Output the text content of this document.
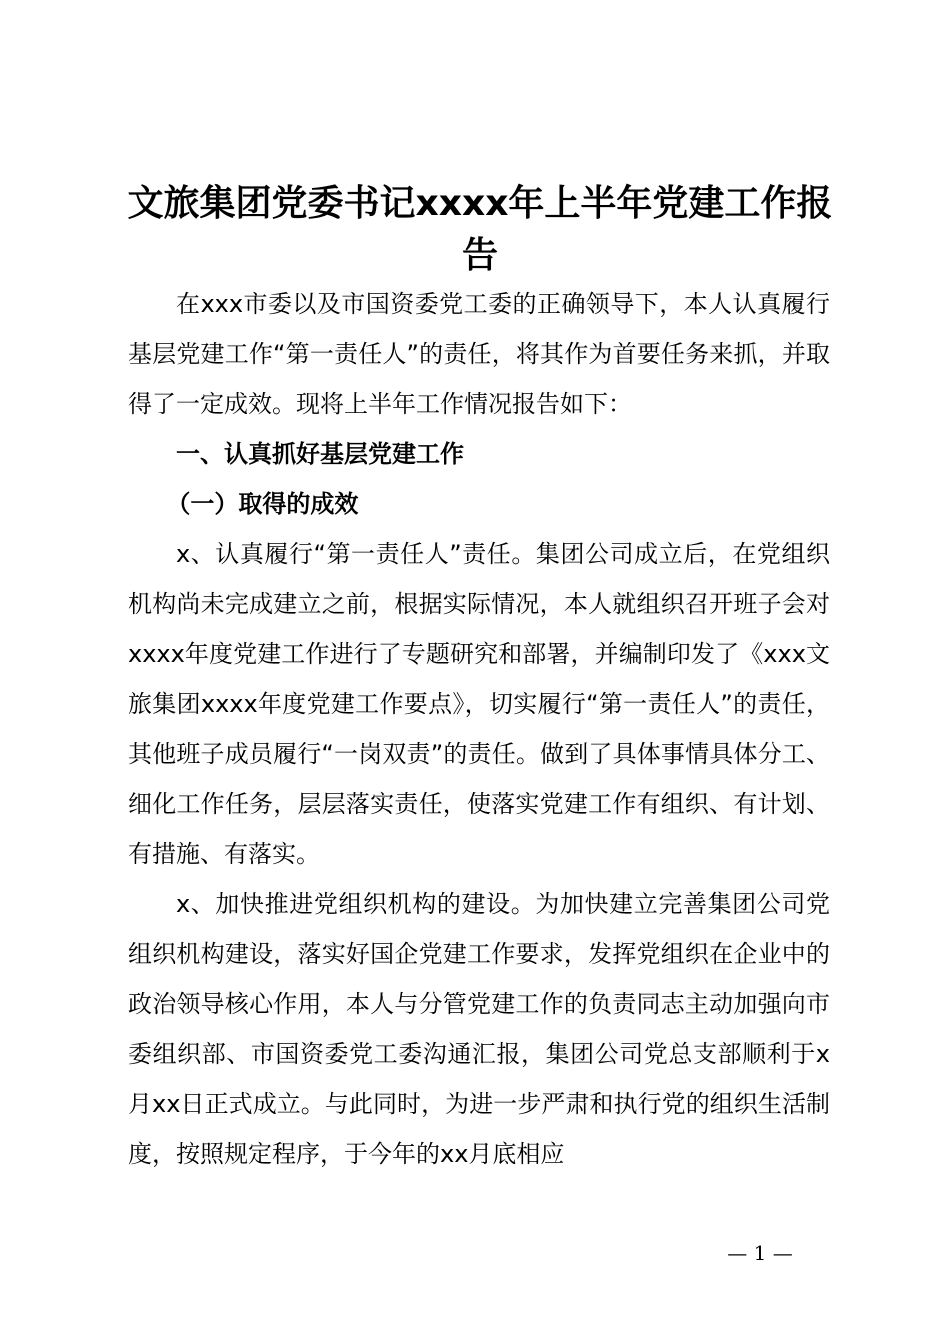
文旅集团党委书记xxxx年上半年党建工作报告

在xxx市委以及市国资委党工委的正确领导下，本人认真履行基层党建工作“第一责任人”的责任，将其作为首要任务来抓，并取得了一定成效。现将上半年工作情况报告如下：

一、认真抓好基层党建工作

（一）取得的成效

x、认真履行“第一责任人”责任。集团公司成立后，在党组织机构尚未完成建立之前，根据实际情况，本人就组织召开班子会对xxxx年度党建工作进行了专题研究和部署，并编制印发了《xxx文旅集团xxxx年度党建工作要点》，切实履行“第一责任人”的责任，其他班子成员履行“一岗双责”的责任。做到了具体事情具体分工、细化工作任务，层层落实责任，使落实党建工作有组织、有计划、有措施、有落实。

x、加快推进党组织机构的建设。为加快建立完善集团公司党组织机构建设，落实好国企党建工作要求，发挥党组织在企业中的政治领导核心作用，本人与分管党建工作的负责同志主动加强向市委组织部、市国资委党工委沟通汇报，集团公司党总支部顺利于x月xx日正式成立。与此同时，为进一步严肃和执行党的组织生活制度，按照规定程序，于今年的xx月底相应

— 1 —
